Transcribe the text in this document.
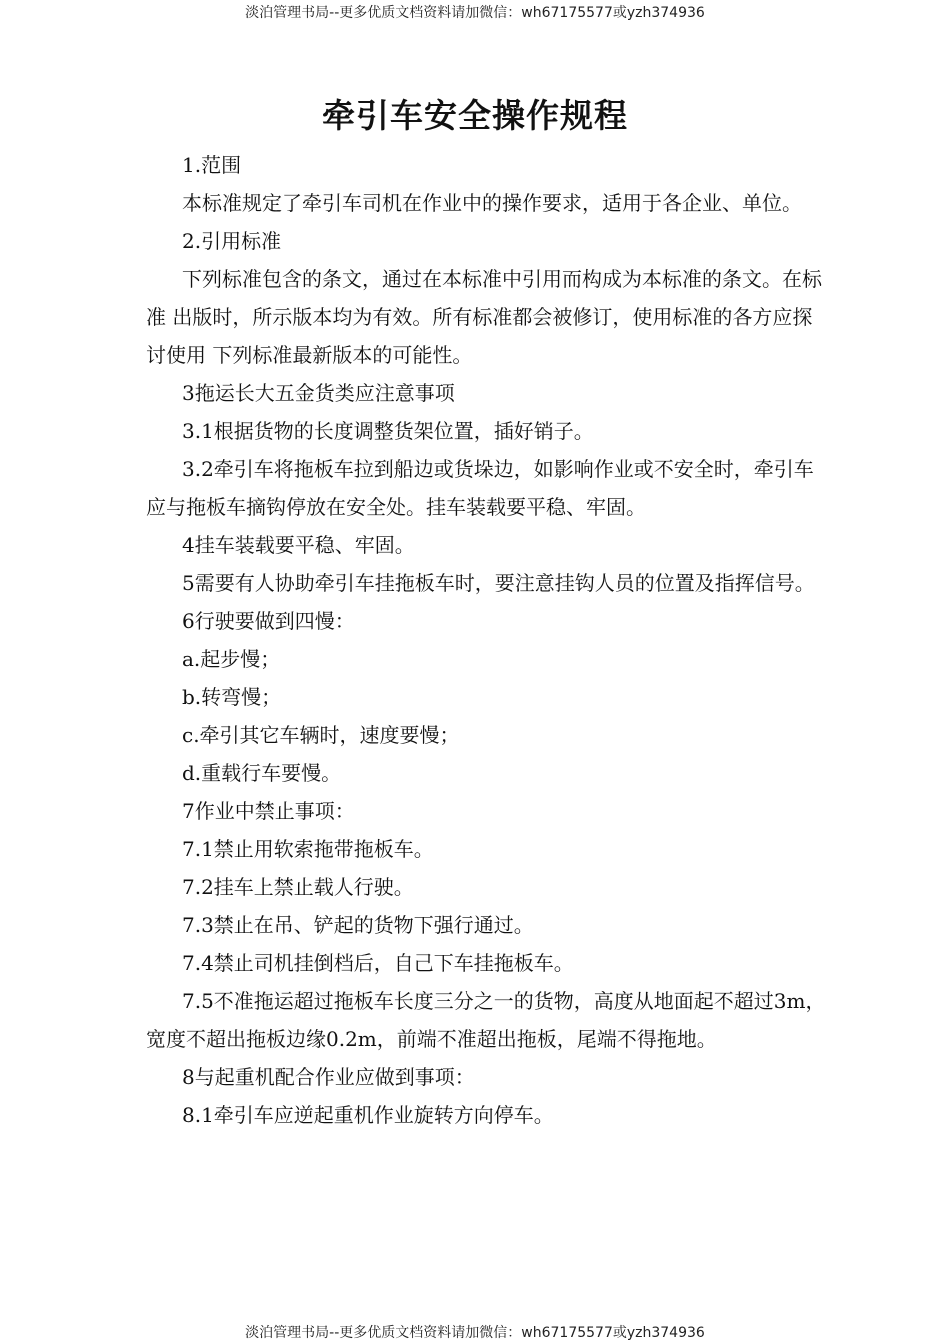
淡泊管理书局--更多优质文档资料请加微信：wh67175577或yzh374936
牵引车安全操作规程

1.范围

本标准规定了牵引车司机在作业中的操作要求，适用于各企业、单位。

2.引用标准

下列标准包含的条文，通过在本标准中引用而构成为本标准的条文。在标准 出版时，所示版本均为有效。所有标准都会被修订，使用标准的各方应探讨使用 下列标准最新版本的可能性。

3拖运长大五金货类应注意事项

3.1根据货物的长度调整货架位置，插好销子。

3.2牵引车将拖板车拉到船边或货垛边，如影响作业或不安全时，牵引车 应与拖板车摘钩停放在安全处。挂车装载要平稳、牢固。

4挂车装载要平稳、牢固。

5需要有人协助牵引车挂拖板车时，要注意挂钩人员的位置及指挥信号。

6行驶要做到四慢：

a.起步慢；

b.转弯慢；

c.牵引其它车辆时，速度要慢；

d.重载行车要慢。

7作业中禁止事项：

7.1禁止用软索拖带拖板车。

7.2挂车上禁止载人行驶。

7.3禁止在吊、铲起的货物下强行通过。

7.4禁止司机挂倒档后，自己下车挂拖板车。

7.5不准拖运超过拖板车长度三分之一的货物，高度从地面起不超过3m， 宽度不超出拖板边缘0.2m，前端不准超出拖板，尾端不得拖地。

8与起重机配合作业应做到事项：

8.1牵引车应逆起重机作业旋转方向停车。

淡泊管理书局--更多优质文档资料请加微信：wh67175577或yzh374936
